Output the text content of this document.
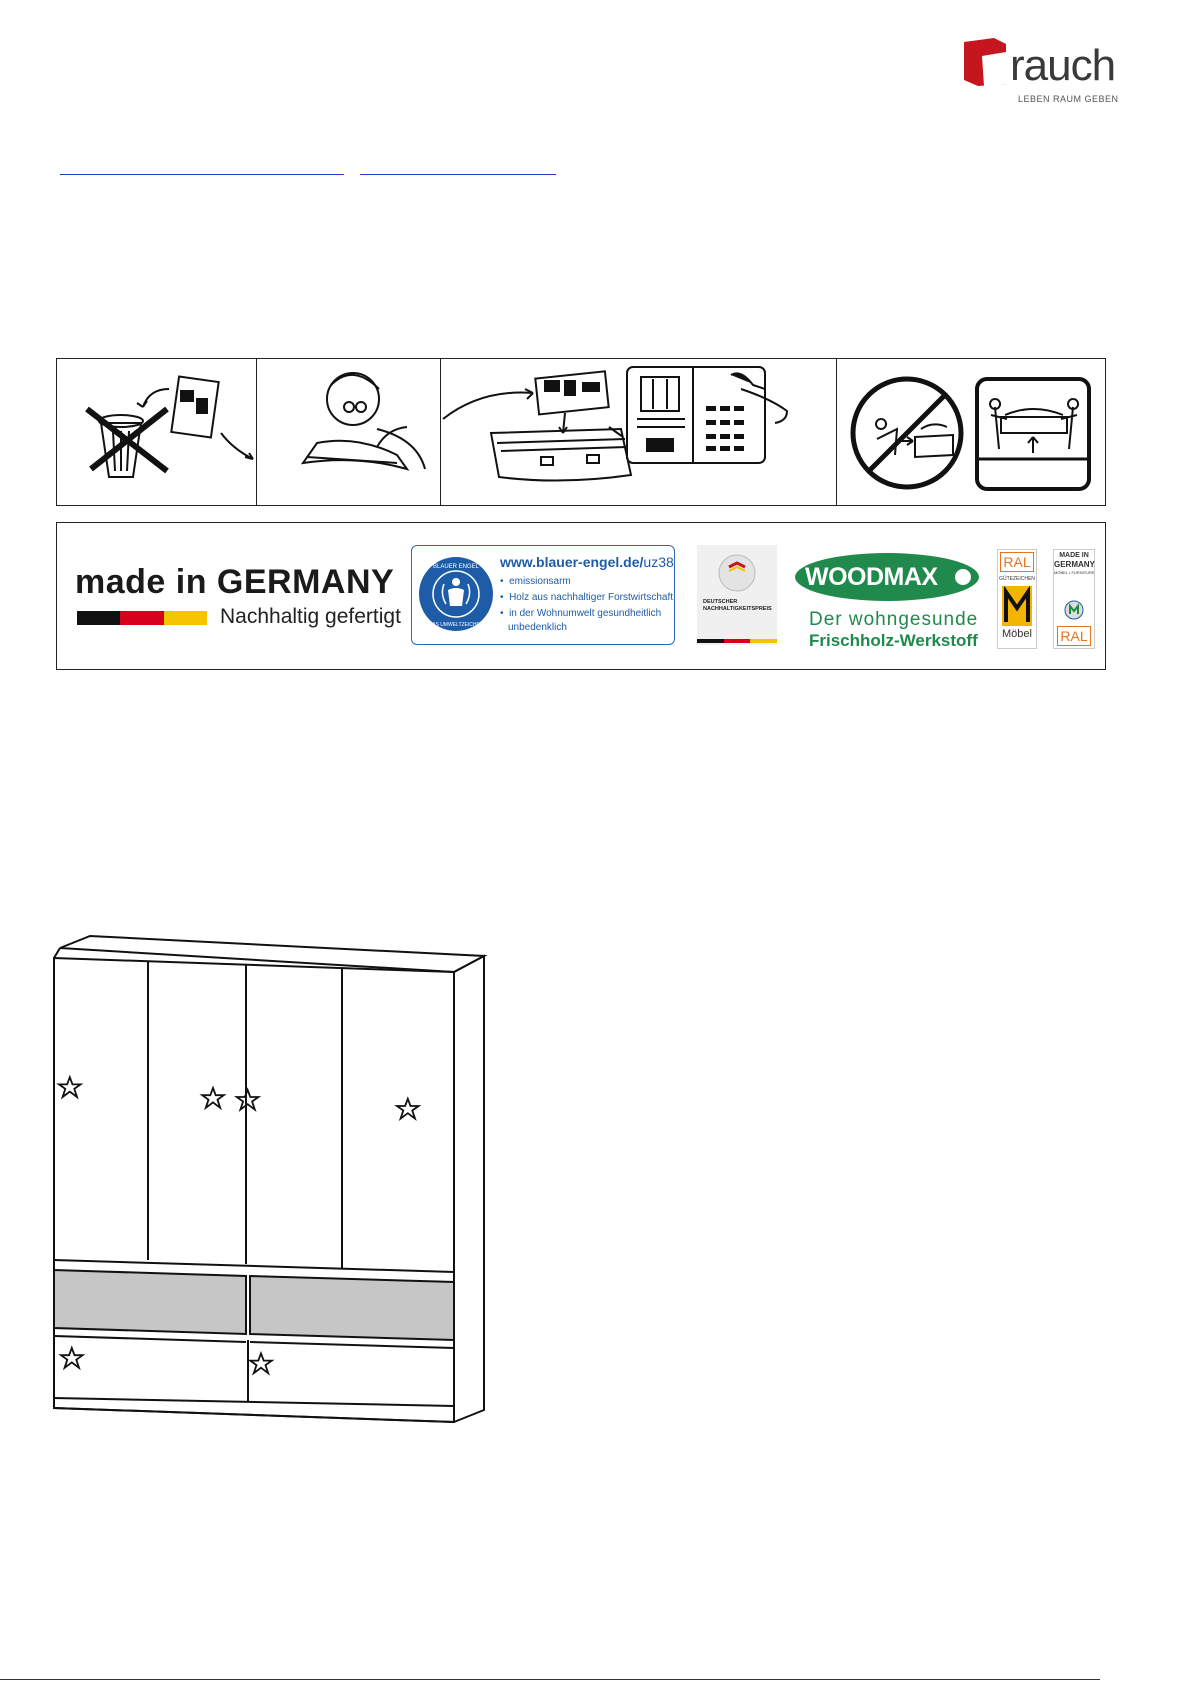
rauch
LEBEN RAUM GEBEN
made in GERMANY
Nachhaltig gefertigt
BLAUER ENGEL
DAS UMWELTZEICHEN
www.blauer-engel.de/uz38
•  emissionsarm
•  Holz aus nachhaltiger Forstwirtschaft
•  in der Wohnumwelt gesundheitlich
unbedenklich
DEUTSCHER NACHHALTIGKEITSPREIS
WOODMAX
Der wohngesunde
Frischholz-Werkstoff
RAL
GÜTEZEICHEN
Möbel
MADE IN
GERMANY
MÖBEL • FURNITURE
RAL
